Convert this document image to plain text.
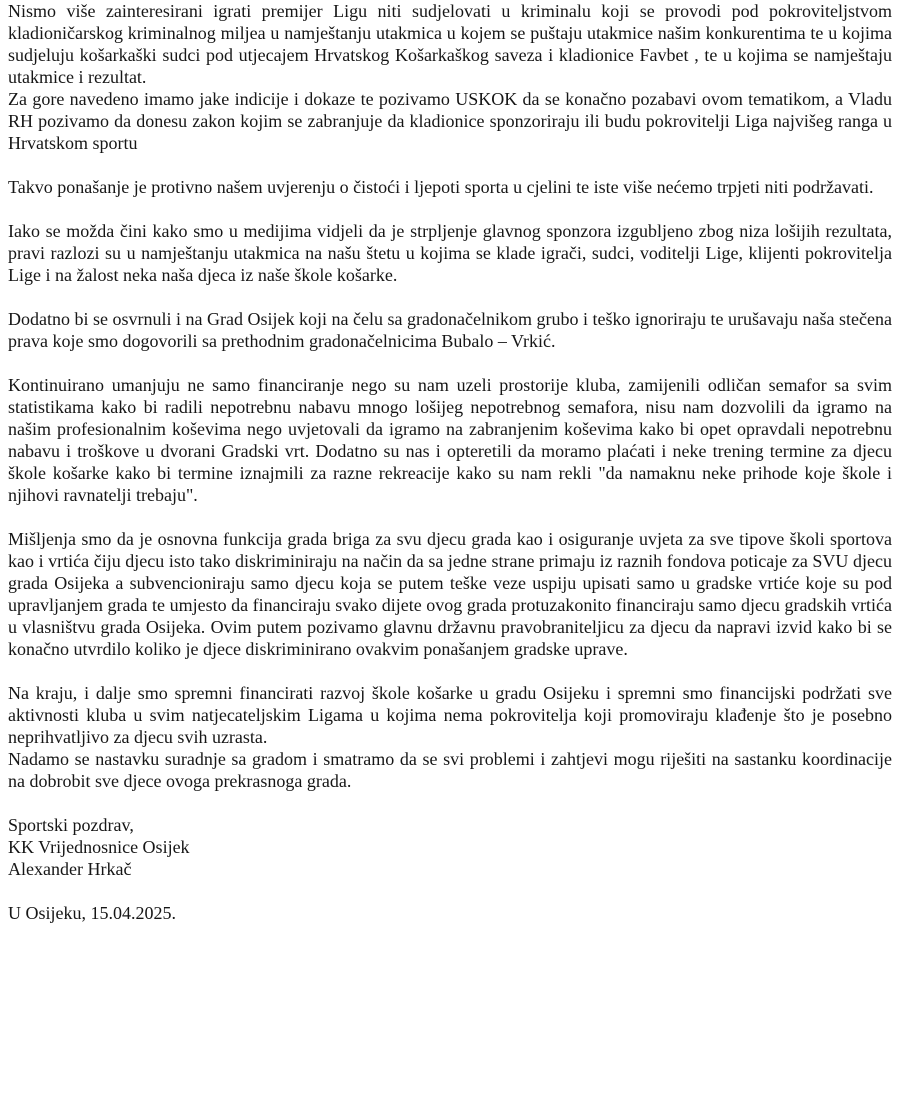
Nismo više zainteresirani igrati premijer Ligu niti sudjelovati u kriminalu koji se provodi pod pokroviteljstvom kladioničarskog kriminalnog miljea u namještanju utakmica u kojem se puštaju utakmice našim konkurentima te u kojima sudjeluju košarkaški sudci pod utjecajem Hrvatskog Košarkaškog saveza i kladionice Favbet , te u kojima se namještaju utakmice i rezultat.

Za gore navedeno imamo jake indicije i dokaze te pozivamo USKOK da se konačno pozabavi ovom tematikom, a Vladu RH pozivamo da donesu zakon kojim se zabranjuje da kladionice sponzoriraju ili budu pokrovitelji Liga najvišeg ranga u Hrvatskom sportu

Takvo ponašanje je protivno našem uvjerenju o čistoći i ljepoti sporta u cjelini te iste više nećemo trpjeti niti podržavati.

Iako se možda čini kako smo u medijima vidjeli da je strpljenje glavnog sponzora izgubljeno zbog niza lošijih rezultata, pravi razlozi su u namještanju utakmica na našu štetu u kojima se klade igrači, sudci, voditelji Lige, klijenti pokrovitelja Lige i na žalost neka naša djeca iz naše škole košarke.

Dodatno bi se osvrnuli i na Grad Osijek koji na čelu sa gradonačelnikom grubo i teško ignoriraju te urušavaju naša stečena prava koje smo dogovorili sa prethodnim gradonačelnicima Bubalo – Vrkić.

Kontinuirano umanjuju ne samo financiranje nego su nam uzeli prostorije kluba, zamijenili odličan semafor sa svim statistikama kako bi radili nepotrebnu nabavu mnogo lošijeg nepotrebnog semafora, nisu nam dozvolili da igramo na našim profesionalnim koševima nego uvjetovali da igramo na zabranjenim koševima kako bi opet opravdali nepotrebnu nabavu i troškove u dvorani Gradski vrt. Dodatno su nas i opteretili da moramo plaćati i neke trening termine za djecu škole košarke kako bi termine iznajmili za razne rekreacije kako su nam rekli "da namaknu neke prihode koje škole i njihovi ravnatelji trebaju".

Mišljenja smo da je osnovna funkcija grada briga za svu djecu grada kao i osiguranje uvjeta za sve tipove školi sportova kao i vrtića čiju djecu isto tako diskriminiraju na način da sa jedne strane primaju iz raznih fondova poticaje za SVU djecu grada Osijeka a subvencioniraju samo djecu koja se putem teške veze uspiju upisati samo u gradske vrtiće koje su pod upravljanjem grada te umjesto da financiraju svako dijete ovog grada protuzakonito financiraju samo djecu gradskih vrtića u vlasništvu grada Osijeka. Ovim putem pozivamo glavnu državnu pravobraniteljicu za djecu da napravi izvid kako bi se konačno utvrdilo koliko je djece diskriminirano ovakvim ponašanjem gradske uprave.

Na kraju, i dalje smo spremni financirati razvoj škole košarke u gradu Osijeku i spremni smo financijski podržati sve aktivnosti kluba u svim natjecateljskim Ligama u kojima nema pokrovitelja koji promoviraju klađenje što je posebno neprihvatljivo za djecu svih uzrasta.

Nadamo se nastavku suradnje sa gradom i smatramo da se svi problemi i zahtjevi mogu riješiti na sastanku koordinacije na dobrobit sve djece ovoga prekrasnoga grada.

Sportski pozdrav,

KK Vrijednosnice Osijek

Alexander Hrkač

U Osijeku, 15.04.2025.
